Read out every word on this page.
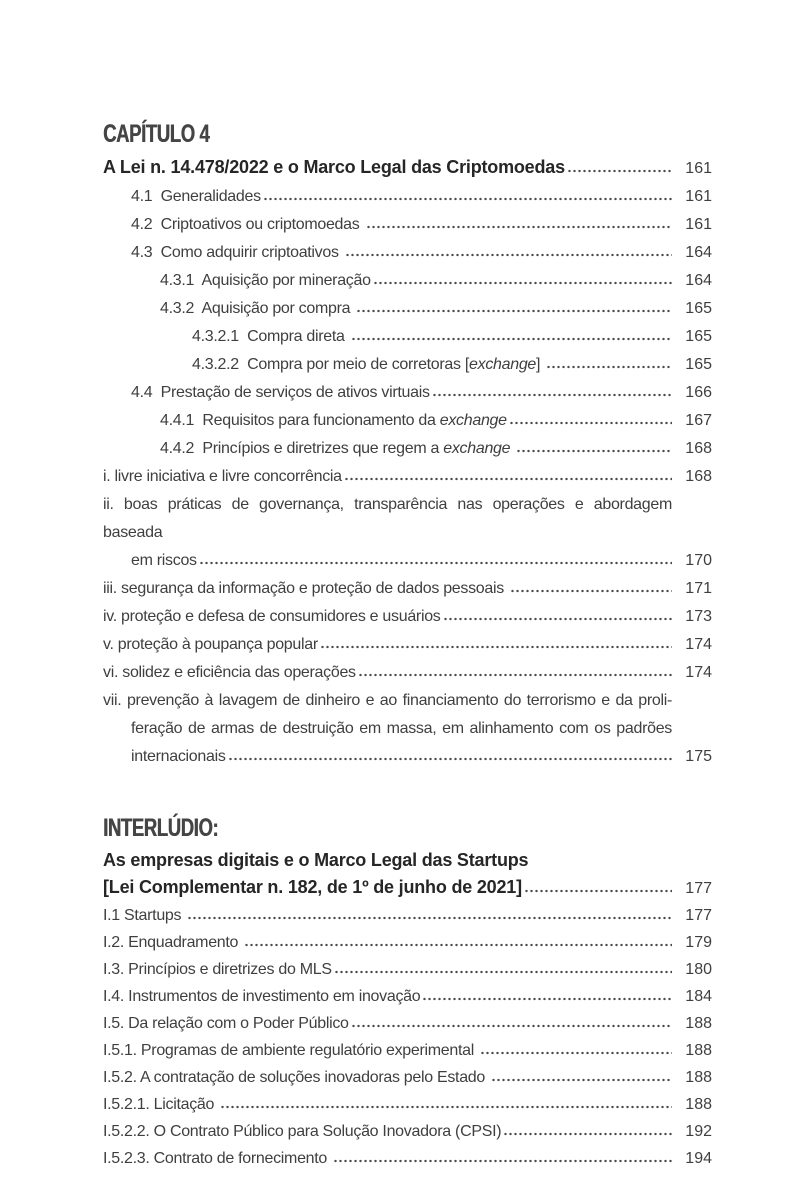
CAPÍTULO 4
A Lei n. 14.478/2022 e o Marco Legal das Criptomoedas	161
4.1  Generalidades	161
4.2  Criptoativos ou criptomoedas	161
4.3  Como adquirir criptoativos	164
4.3.1  Aquisição por mineração	164
4.3.2  Aquisição por compra	165
4.3.2.1  Compra direta	165
4.3.2.2  Compra por meio de corretoras [exchange]	165
4.4  Prestação de serviços de ativos virtuais	166
4.4.1  Requisitos para funcionamento da exchange	167
4.4.2  Princípios e diretrizes que regem a exchange	168
i. livre iniciativa e livre concorrência	168
ii. boas práticas de governança, transparência nas operações e abordagem baseada
em riscos	170
iii. segurança da informação e proteção de dados pessoais	171
iv. proteção e defesa de consumidores e usuários	173
v. proteção à poupança popular	174
vi. solidez e eficiência das operações	174
vii. prevenção à lavagem de dinheiro e ao financiamento do terrorismo e da proli-
feração de armas de destruição em massa, em alinhamento com os padrões
internacionais	175
INTERLÚDIO:
As empresas digitais e o Marco Legal das Startups
[Lei Complementar n. 182, de 1º de junho de 2021]	177
I.1 Startups	177
I.2. Enquadramento	179
I.3. Princípios e diretrizes do MLS	180
I.4. Instrumentos de investimento em inovação	184
I.5. Da relação com o Poder Público	188
I.5.1. Programas de ambiente regulatório experimental	188
I.5.2. A contratação de soluções inovadoras pelo Estado	188
I.5.2.1. Licitação	188
I.5.2.2. O Contrato Público para Solução Inovadora (CPSI)	192
I.5.2.3. Contrato de fornecimento	194
